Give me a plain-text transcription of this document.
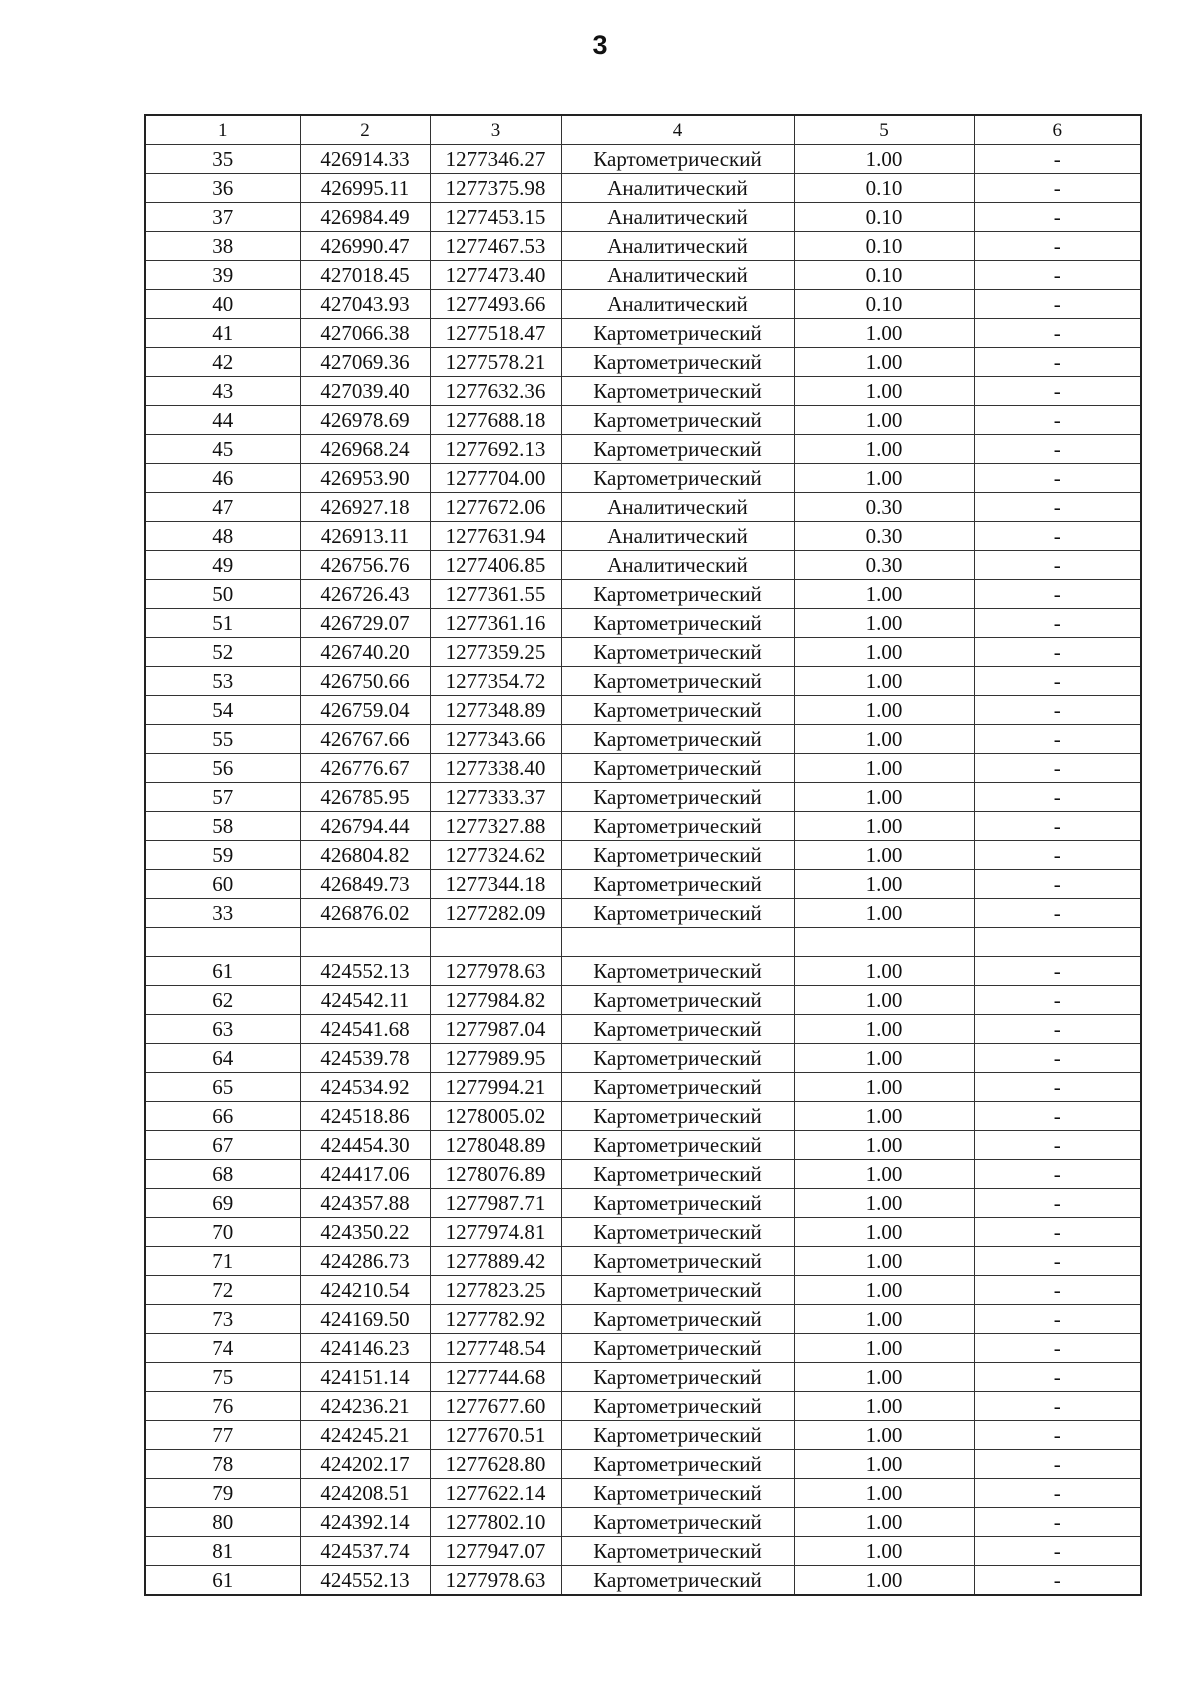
3
1	2	3	4	5	6
35	426914.33	1277346.27	Картометрический	1.00	-
36	426995.11	1277375.98	Аналитический	0.10	-
37	426984.49	1277453.15	Аналитический	0.10	-
38	426990.47	1277467.53	Аналитический	0.10	-
39	427018.45	1277473.40	Аналитический	0.10	-
40	427043.93	1277493.66	Аналитический	0.10	-
41	427066.38	1277518.47	Картометрический	1.00	-
42	427069.36	1277578.21	Картометрический	1.00	-
43	427039.40	1277632.36	Картометрический	1.00	-
44	426978.69	1277688.18	Картометрический	1.00	-
45	426968.24	1277692.13	Картометрический	1.00	-
46	426953.90	1277704.00	Картометрический	1.00	-
47	426927.18	1277672.06	Аналитический	0.30	-
48	426913.11	1277631.94	Аналитический	0.30	-
49	426756.76	1277406.85	Аналитический	0.30	-
50	426726.43	1277361.55	Картометрический	1.00	-
51	426729.07	1277361.16	Картометрический	1.00	-
52	426740.20	1277359.25	Картометрический	1.00	-
53	426750.66	1277354.72	Картометрический	1.00	-
54	426759.04	1277348.89	Картометрический	1.00	-
55	426767.66	1277343.66	Картометрический	1.00	-
56	426776.67	1277338.40	Картометрический	1.00	-
57	426785.95	1277333.37	Картометрический	1.00	-
58	426794.44	1277327.88	Картометрический	1.00	-
59	426804.82	1277324.62	Картометрический	1.00	-
60	426849.73	1277344.18	Картометрический	1.00	-
33	426876.02	1277282.09	Картометрический	1.00	-

61	424552.13	1277978.63	Картометрический	1.00	-
62	424542.11	1277984.82	Картометрический	1.00	-
63	424541.68	1277987.04	Картометрический	1.00	-
64	424539.78	1277989.95	Картометрический	1.00	-
65	424534.92	1277994.21	Картометрический	1.00	-
66	424518.86	1278005.02	Картометрический	1.00	-
67	424454.30	1278048.89	Картометрический	1.00	-
68	424417.06	1278076.89	Картометрический	1.00	-
69	424357.88	1277987.71	Картометрический	1.00	-
70	424350.22	1277974.81	Картометрический	1.00	-
71	424286.73	1277889.42	Картометрический	1.00	-
72	424210.54	1277823.25	Картометрический	1.00	-
73	424169.50	1277782.92	Картометрический	1.00	-
74	424146.23	1277748.54	Картометрический	1.00	-
75	424151.14	1277744.68	Картометрический	1.00	-
76	424236.21	1277677.60	Картометрический	1.00	-
77	424245.21	1277670.51	Картометрический	1.00	-
78	424202.17	1277628.80	Картометрический	1.00	-
79	424208.51	1277622.14	Картометрический	1.00	-
80	424392.14	1277802.10	Картометрический	1.00	-
81	424537.74	1277947.07	Картометрический	1.00	-
61	424552.13	1277978.63	Картометрический	1.00	-
